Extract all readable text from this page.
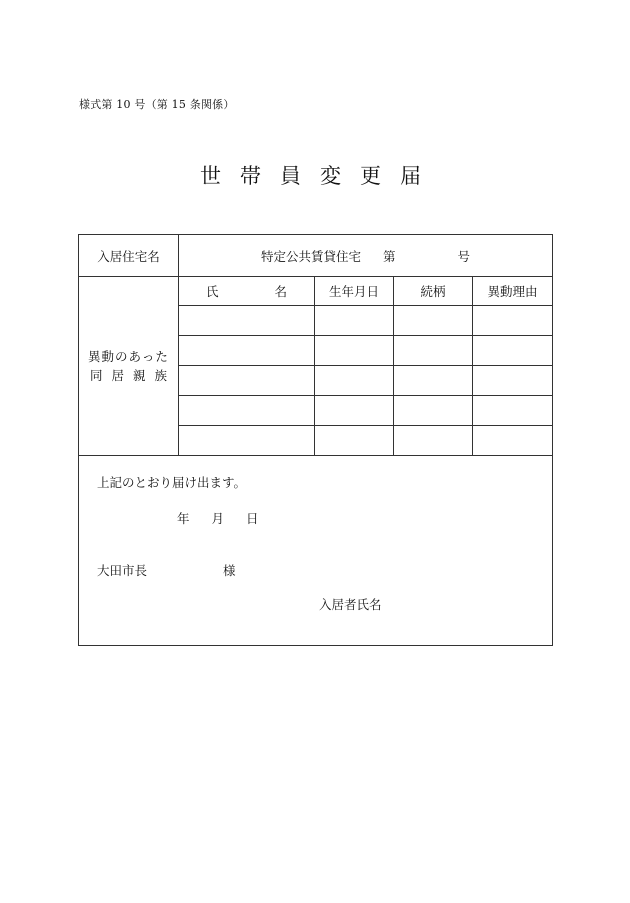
様式第 10 号（第 15 条関係）
世帯員変更届
入居住宅名	特定公共賃貸住宅 第 号			

異動のあった
同居親族	氏 名	生年月日	続柄	異動理由

上記のとおり届け出ます。
年 月 日
大田市長 様
入居者氏名				
